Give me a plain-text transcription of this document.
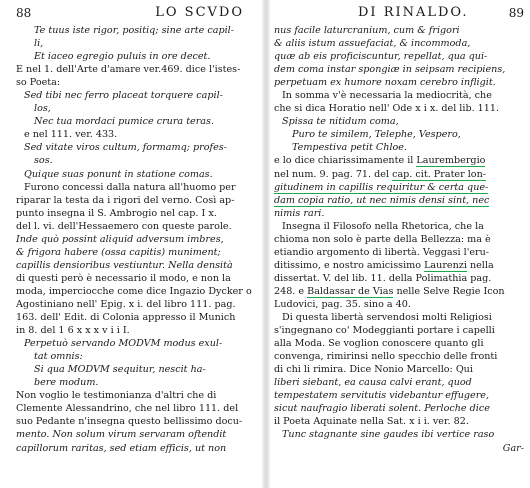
88	LO SCVDO
Te tuus iste rigor, positiq; sine arte capil-
li,
Et iaceo egregio puluis in ore decet.
E nel 1. dell'Arte d'amare ver.469. dice l'istes-
so Poeta:
Sed tibi nec ferro placeat torquere capil-
los,
Nec tua mordaci pumice crura teras.
e nel 111. ver. 433.
Sed vitate viros cultum, formamq; profes-
sos.
Quique suas ponunt in statione comas.
Furono concessi dalla natura all'huomo per
riparar la testa da i rigori del verno. Così ap-
punto insegna il S. Ambrogio nel cap. I x.
del l. vi. dell'Hessaemero con queste parole.
Inde quò possint aliquid adversum imbres,
& frigora habere (ossa capitis) muniment;
capillis densioribus vestiuntur. Nella densità
di questi però è necessario il modo, e non la
moda, imperciocche come dice Ingazio Dycker o
Agostiniano nell' Epig. x i. del libro 111. pag.
163. dell' Edit. di Colonia appresso il Munich
in 8. del 1 6 x x x v i i I.
Perpetuò servando MODVM modus exul-
tat omnis:
Si qua MODVM sequitur, nescit ha-
bere modum.
Non voglio le testimonianza d'altri che di
Clemente Alessandrino, che nel libro 111. del
suo Pedante n'insegna questo bellissimo docu-
mento. Non solum virum servaram oftendit
capillorum raritas, sed etiam efficis, ut non
DI RINALDO.	89
nus facile laturcranium, cum & frigori
& aliis istum assuefaciat, & incommoda,
quæ ab eis proficiscuntur, repellat, qua qui-
dem coma instar spongiæ in seipsam recipiens,
perpetuam ex humore noxam cerebro infligit.
In somma v'è necessaria la mediocrità, che
che si dica Horatio nell' Ode x i x. del lib. 111.
Spissa te nitidum coma,
Puro te similem, Telephe, Vespero,
Tempestiva petit Chloe.
e lo dice chiarissimamente il Laurembergio
nel num. 9. pag. 71. del cap. cit. Prater lon-
gitudinem in capillis requiritur & certa que-
dam copia ratio, ut nec nimis densi sint, nec
nimis rari.
Insegna il Filosofo nella Rhetorica, che la
chioma non solo è parte della Bellezza: ma è
etiandio argomento di libertà. Veggasi l'eru-
ditissimo, e nostro amicissimo Laurenzi nella
dissertat. V. del lib. 11. della Polimathia pag.
248. e Baldassar de Vias nelle Selve Regie Icon
Ludovici, pag. 35. sino a 40.
Di questa libertà servendosi molti Religiosi
s'ingegnano co' Modeggianti portare i capelli
alla Moda. Se voglion conoscere quanto gli
convenga, rimirinsi nello specchio delle fronti
di chi li rimira. Dice Nonio Marcello: Qui
liberi siebant, ea causa calvi erant, quod
tempestatem servitutis videbantur effugere,
sicut naufragio liberati solent. Perloche dice
il Poeta Aquinate nella Sat. x i i. ver. 82.
Tunc stagnante sine gaudes ibi vertice raso
Gar-
